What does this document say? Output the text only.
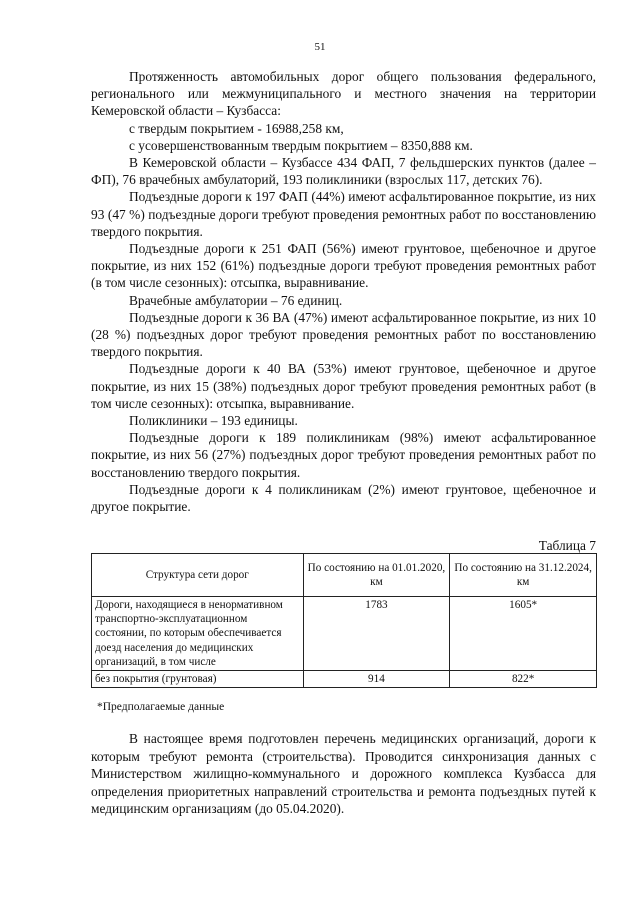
51

Протяженность автомобильных дорог общего пользования федерального, регионального или межмуниципального и местного значения на территории Кемеровской области – Кузбасса:

с твердым покрытием - 16988,258 км,

с усовершенствованным твердым покрытием – 8350,888 км.

В Кемеровской области – Кузбассе 434 ФАП, 7 фельдшерских пунктов (далее – ФП), 76 врачебных амбулаторий, 193 поликлиники (взрослых 117, детских 76).

Подъездные дороги к 197 ФАП (44%) имеют асфальтированное покрытие, из них 93 (47 %) подъездные дороги требуют проведения ремонтных работ по восстановлению твердого покрытия.

Подъездные дороги к 251 ФАП (56%) имеют грунтовое, щебеночное и другое покрытие, из них 152 (61%) подъездные дороги требуют проведения ремонтных работ (в том числе сезонных): отсыпка, выравнивание.

Врачебные амбулатории – 76 единиц.

Подъездные дороги к 36 ВА (47%) имеют асфальтированное покрытие, из них 10 (28 %) подъездных дорог требуют проведения ремонтных работ по восстановлению твердого покрытия.

Подъездные дороги к 40 ВА (53%) имеют грунтовое, щебеночное и другое покрытие, из них 15 (38%) подъездных дорог требуют проведения ремонтных работ (в том числе сезонных): отсыпка, выравнивание.

Поликлиники – 193 единицы.

Подъездные дороги к 189 поликлиникам (98%) имеют асфальтированное покрытие, из них 56 (27%) подъездных дорог требуют проведения ремонтных работ по восстановлению твердого покрытия.

Подъездные дороги к 4 поликлиникам (2%) имеют грунтовое, щебеночное и другое покрытие.

Таблица 7
Структура сети дорог	По состоянию на 01.01.2020, км	По состоянию на 31.12.2024, км
Дороги, находящиеся в ненормативном транспортно-эксплуатационном состоянии, по которым обеспечивается доезд населения до медицинских организаций, в том числе	1783	1605*
без покрытия (грунтовая)	914	822*
*Предполагаемые данные

В настоящее время подготовлен перечень медицинских организаций, дороги к которым требуют ремонта (строительства). Проводится синхронизация данных с Министерством жилищно-коммунального и дорожного комплекса Кузбасса для определения приоритетных направлений строительства и ремонта подъездных путей к медицинским организациям (до 05.04.2020).
